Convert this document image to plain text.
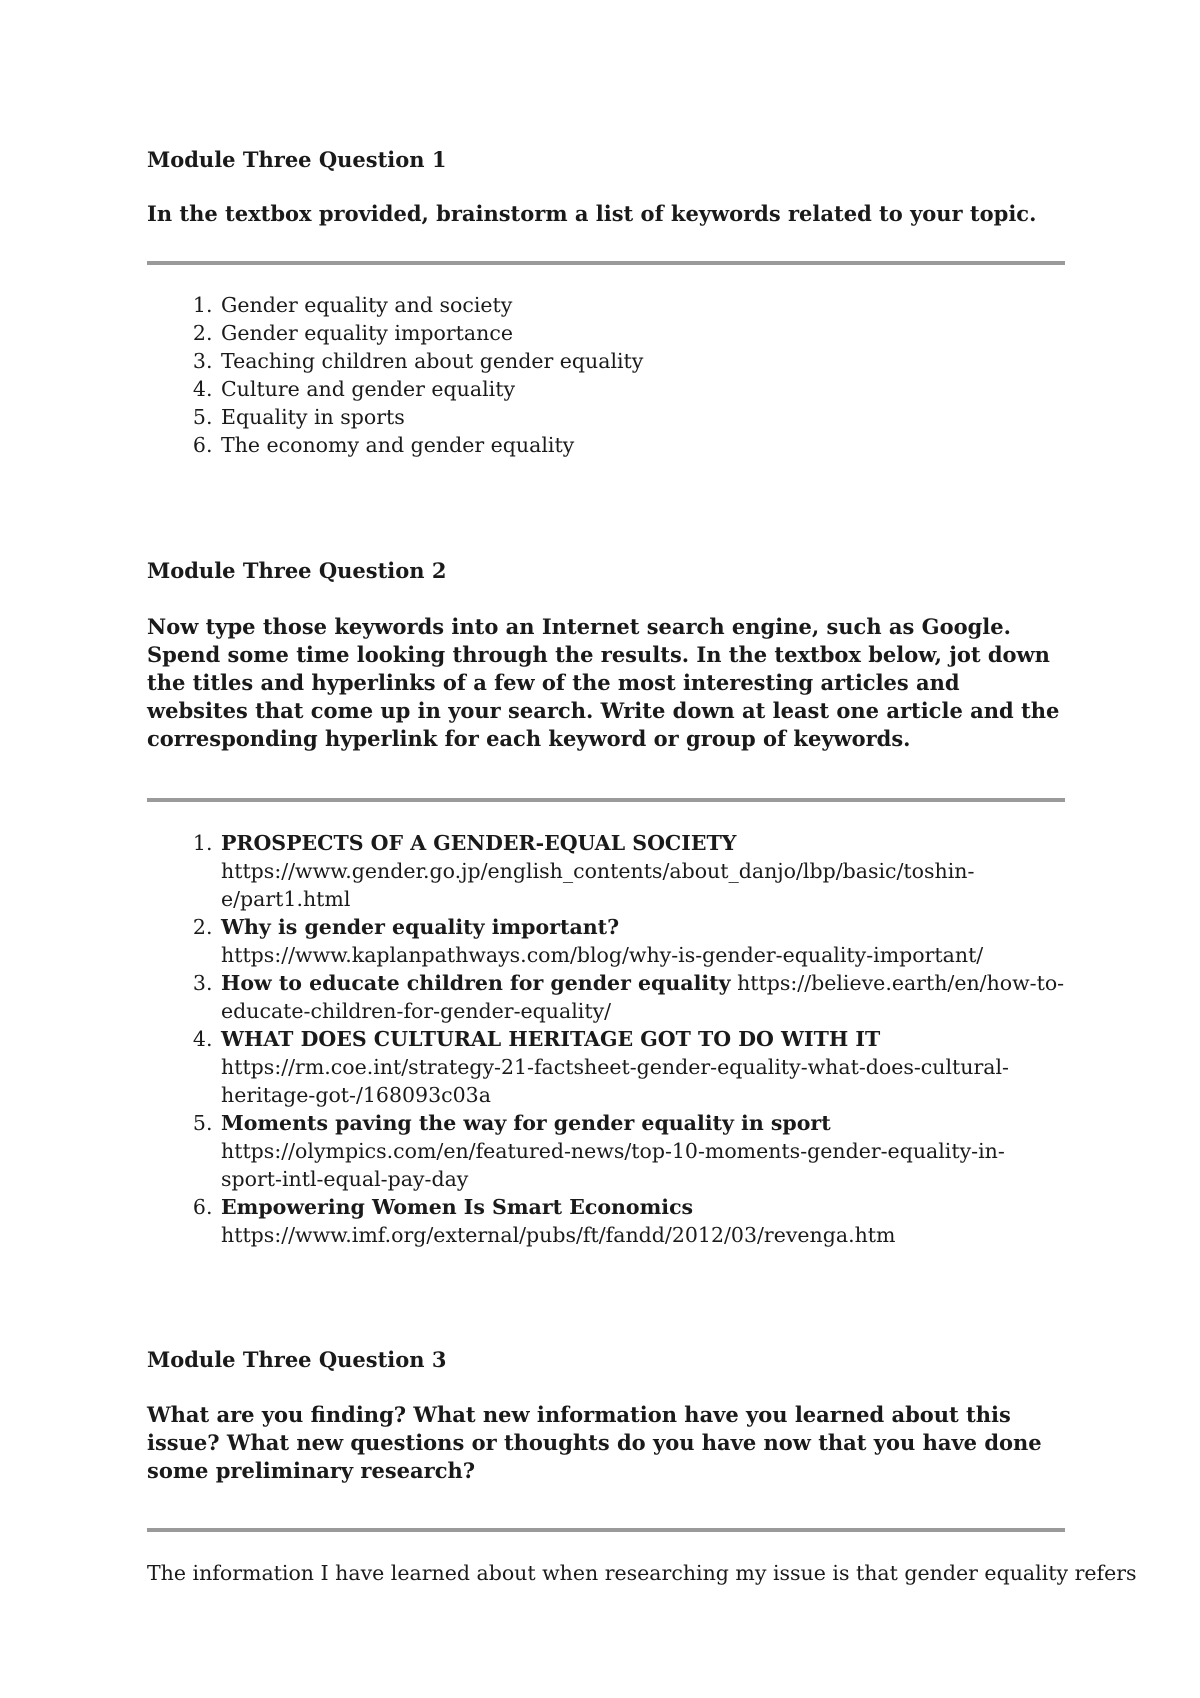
Module Three Question 1

In the textbox provided, brainstorm a list of keywords related to your topic.

1. Gender equality and society
2. Gender equality importance
3. Teaching children about gender equality
4. Culture and gender equality
5. Equality in sports
6. The economy and gender equality

Module Three Question 2

Now type those keywords into an Internet search engine, such as Google. Spend some time looking through the results. In the textbox below, jot down the titles and hyperlinks of a few of the most interesting articles and websites that come up in your search. Write down at least one article and the corresponding hyperlink for each keyword or group of keywords.

1. PROSPECTS OF A GENDER-EQUAL SOCIETY
https://www.gender.go.jp/english_contents/about_danjo/lbp/basic/toshin-e/part1.html
2. Why is gender equality important? https://www.kaplanpathways.com/blog/why-is-gender-equality-important/
3. How to educate children for gender equality https://believe.earth/en/how-to-educate-children-for-gender-equality/
4. WHAT DOES CULTURAL HERITAGE GOT TO DO WITH IT https://rm.coe.int/strategy-21-factsheet-gender-equality-what-does-cultural-heritage-got-/168093c03a
5. Moments paving the way for gender equality in sport
https://olympics.com/en/featured-news/top-10-moments-gender-equality-in-sport-intl-equal-pay-day
6. Empowering Women Is Smart Economics
https://www.imf.org/external/pubs/ft/fandd/2012/03/revenga.htm

Module Three Question 3

What are you finding? What new information have you learned about this issue? What new questions or thoughts do you have now that you have done some preliminary research?

The information I have learned about when researching my issue is that gender equality refers
